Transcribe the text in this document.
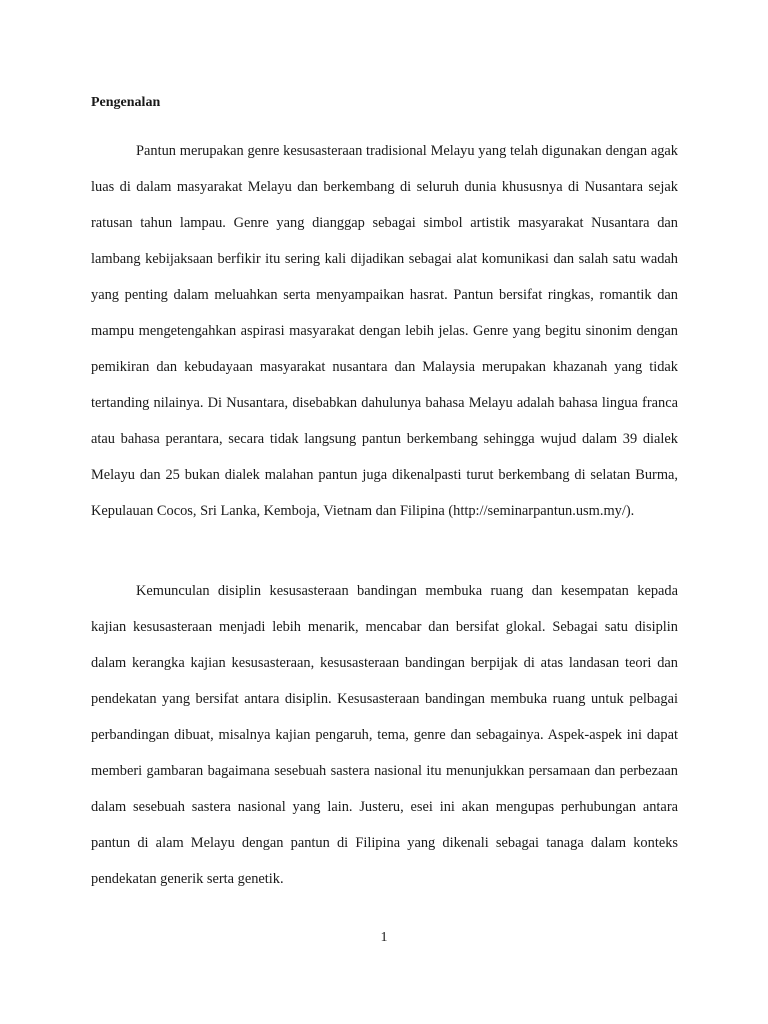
Pengenalan

Pantun merupakan genre kesusasteraan tradisional Melayu yang telah digunakan dengan agak luas di dalam masyarakat Melayu dan berkembang di seluruh dunia khususnya di Nusantara sejak ratusan tahun lampau. Genre yang dianggap sebagai simbol artistik masyarakat Nusantara dan lambang kebijaksaan berfikir itu sering kali dijadikan sebagai alat komunikasi dan salah satu wadah yang penting dalam meluahkan serta menyampaikan hasrat. Pantun bersifat ringkas, romantik dan mampu mengetengahkan aspirasi masyarakat dengan lebih jelas. Genre yang begitu sinonim dengan pemikiran dan kebudayaan masyarakat nusantara dan Malaysia merupakan khazanah yang tidak tertanding nilainya. Di Nusantara, disebabkan dahulunya bahasa Melayu adalah bahasa lingua franca atau bahasa perantara, secara tidak langsung pantun berkembang sehingga wujud dalam 39 dialek Melayu dan 25 bukan dialek malahan pantun juga dikenalpasti turut berkembang di selatan Burma, Kepulauan Cocos, Sri Lanka, Kemboja, Vietnam dan Filipina (http://seminarpantun.usm.my/).

Kemunculan disiplin kesusasteraan bandingan membuka ruang dan kesempatan kepada kajian kesusasteraan menjadi lebih menarik, mencabar dan bersifat glokal. Sebagai satu disiplin dalam kerangka kajian kesusasteraan, kesusasteraan bandingan berpijak di atas landasan teori dan pendekatan yang bersifat antara disiplin. Kesusasteraan bandingan membuka ruang untuk pelbagai perbandingan dibuat, misalnya kajian pengaruh, tema, genre dan sebagainya. Aspek-aspek ini dapat memberi gambaran bagaimana sesebuah sastera nasional itu menunjukkan persamaan dan perbezaan dalam sesebuah sastera nasional yang lain. Justeru, esei ini akan mengupas perhubungan antara pantun di alam Melayu dengan pantun di Filipina yang dikenali sebagai tanaga dalam konteks pendekatan generik serta genetik.

1
